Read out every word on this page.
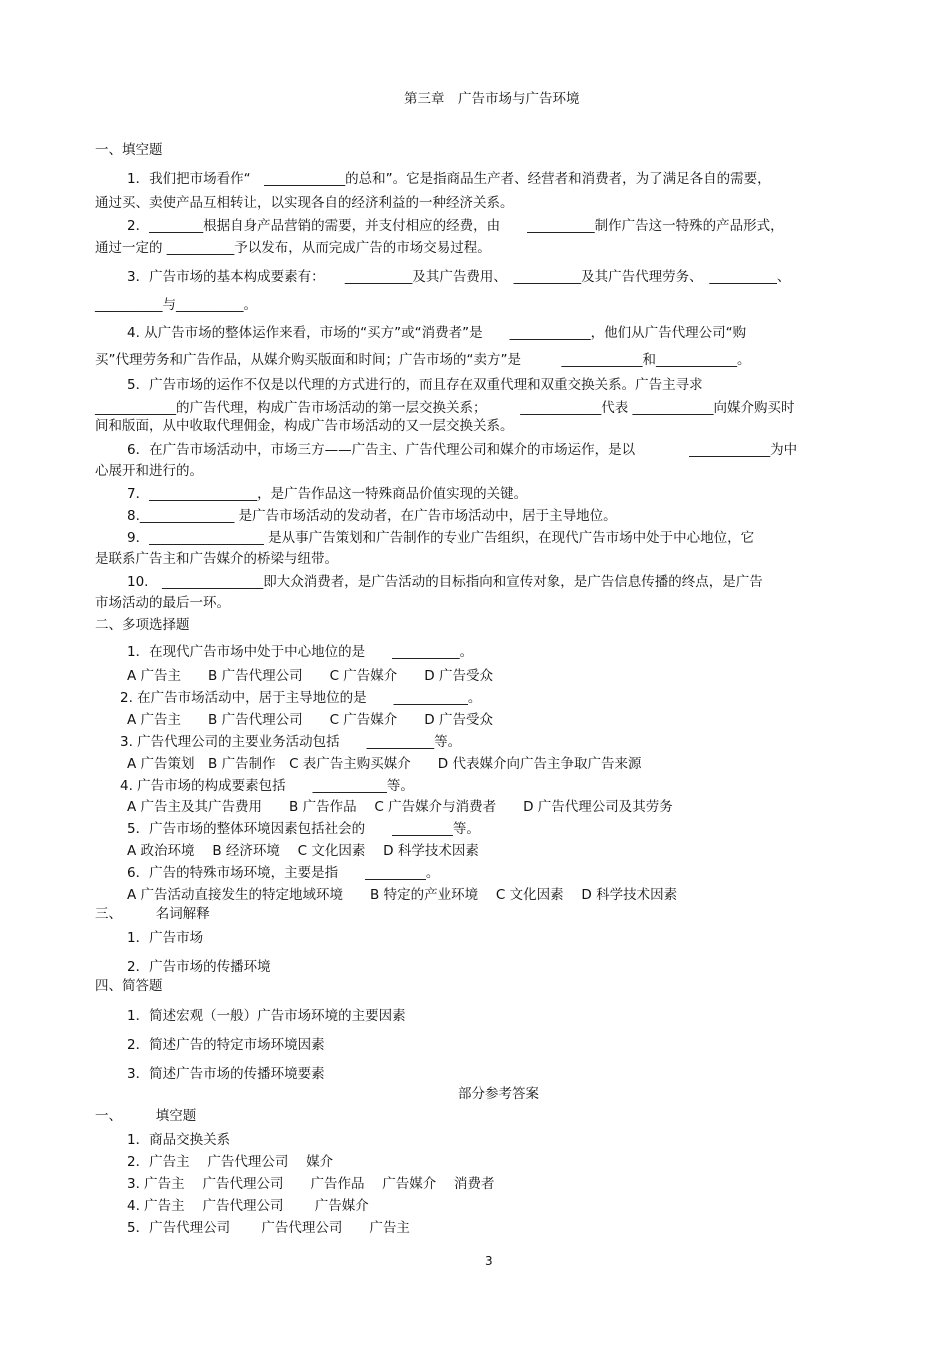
第三章　广告市场与广告环境
一、填空题
1．我们把市场看作“　____________的总和”。它是指商品生产者、经营者和消费者，为了满足各自的需要，
通过买、卖使产品互相转让，以实现各自的经济利益的一种经济关系。
2．________根据自身产品营销的需要，并支付相应的经费，由　　__________制作广告这一特殊的产品形式，
通过一定的 __________予以发布，从而完成广告的市场交易过程。
3．广告市场的基本构成要素有：　　__________及其广告费用、　__________及其广告代理劳务、　__________、
__________与__________。
4. 从广告市场的整体运作来看，市场的“买方”或“消费者”是　　____________，他们从广告代理公司“购
买”代理劳务和广告作品，从媒介购买版面和时间；广告市场的“卖方”是　　　____________和____________。
5．广告市场的运作不仅是以代理的方式进行的，而且存在双重代理和双重交换关系。广告主寻求
____________的广告代理，构成广告市场活动的第一层交换关系；　　　____________代表 ____________向媒介购买时
间和版面，从中收取代理佣金，构成广告市场活动的又一层交换关系。
6．在广告市场活动中，市场三方——广告主、广告代理公司和媒介的市场运作，是以　　　　____________为中
心展开和进行的。
7．________________，是广告作品这一特殊商品价值实现的关键。
8.______________ 是广告市场活动的发动者，在广告市场活动中，居于主导地位。
9．_________________ 是从事广告策划和广告制作的专业广告组织，在现代广告市场中处于中心地位，它
是联系广告主和广告媒介的桥梁与纽带。
10.　_______________即大众消费者，是广告活动的目标指向和宣传对象，是广告信息传播的终点，是广告
市场活动的最后一环。
二、多项选择题
1．在现代广告市场中处于中心地位的是　　__________。
A 广告主　　B 广告代理公司　　C 广告媒介　　D 广告受众
2. 在广告市场活动中，居于主导地位的是　　___________。
A 广告主　　B 广告代理公司　　C 广告媒介　　D 广告受众
3. 广告代理公司的主要业务活动包括　　__________等。
A 广告策划　B 广告制作　C 表广告主购买媒介　　D 代表媒介向广告主争取广告来源
4. 广告市场的构成要素包括　　___________等。
A 广告主及其广告费用　　B 广告作品　 C 广告媒介与消费者　　D 广告代理公司及其劳务
5．广告市场的整体环境因素包括社会的　　_________等。
A 政治环境　 B 经济环境　 C 文化因素　 D 科学技术因素
6．广告的特殊市场环境，主要是指　　_________。
A 广告活动直接发生的特定地域环境　　B 特定的产业环境　 C 文化因素　 D 科学技术因素
三、　　　名词解释
1．广告市场
2．广告市场的传播环境
四、简答题
1．简述宏观（一般）广告市场环境的主要因素
2．简述广告的特定市场环境因素
3．简述广告市场的传播环境要素
部分参考答案
一、　　　填空题
1．商品交换关系
2．广告主　 广告代理公司　 媒介
3. 广告主　 广告代理公司　　广告作品　 广告媒介　 消费者
4. 广告主　 广告代理公司　　 广告媒介
5．广告代理公司　　 广告代理公司　　广告主
3
